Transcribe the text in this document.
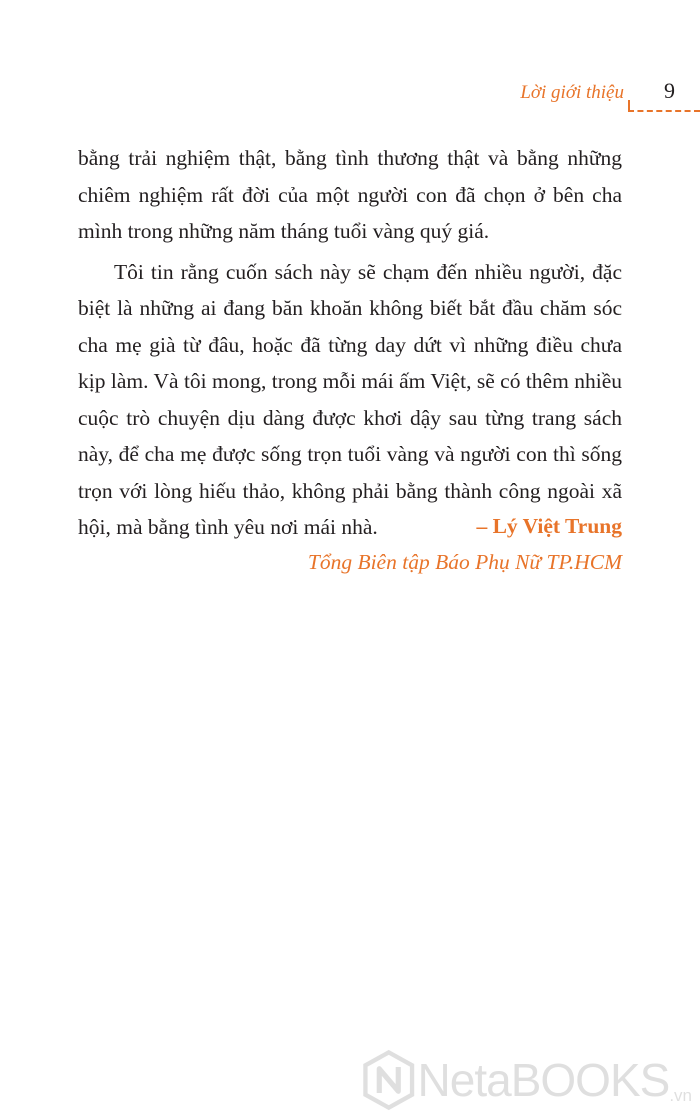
Lời giới thiệu 9

bằng trải nghiệm thật, bằng tình thương thật và bằng những chiêm nghiệm rất đời của một người con đã chọn ở bên cha mình trong những năm tháng tuổi vàng quý giá.

Tôi tin rằng cuốn sách này sẽ chạm đến nhiều người, đặc biệt là những ai đang băn khoăn không biết bắt đầu chăm sóc cha mẹ già từ đâu, hoặc đã từng day dứt vì những điều chưa kịp làm. Và tôi mong, trong mỗi mái ấm Việt, sẽ có thêm nhiều cuộc trò chuyện dịu dàng được khơi dậy sau từng trang sách này, để cha mẹ được sống trọn tuổi vàng và người con thì sống trọn với lòng hiếu thảo, không phải bằng thành công ngoài xã hội, mà bằng tình yêu nơi mái nhà.	– Lý Việt Trung
Tổng Biên tập Báo Phụ Nữ TP.HCM
NetaBOOKS .vn
